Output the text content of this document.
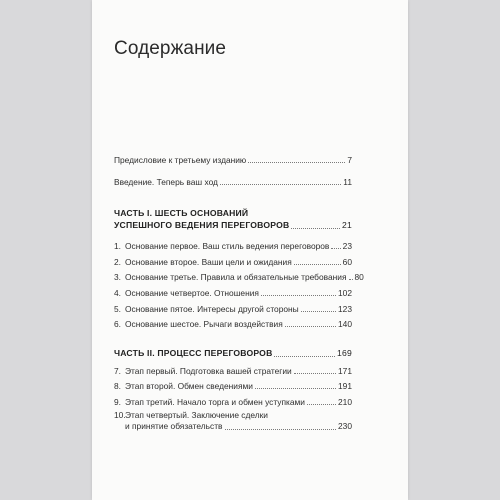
Содержание
Предисловие к третьему изданию	7
Введение. Теперь ваш ход	11
ЧАСТЬ I. ШЕСТЬ ОСНОВАНИЙ
УСПЕШНОГО ВЕДЕНИЯ ПЕРЕГОВОРОВ	21
1. Основание первое. Ваш стиль ведения переговоров 23
2. Основание второе. Ваши цели и ожидания	60
3. Основание третье. Правила и обязательные требования 80
4. Основание четвертое. Отношения	102
5. Основание пятое. Интересы другой стороны	123
6. Основание шестое. Рычаги воздействия	140
ЧАСТЬ II. ПРОЦЕСС ПЕРЕГОВОРОВ	169
7. Этап первый. Подготовка вашей стратегии	171
8. Этап второй. Обмен сведениями	191
9. Этап третий. Начало торга и обмен уступками	210
10. Этап четвертый. Заключение сделки
и принятие обязательств	230
